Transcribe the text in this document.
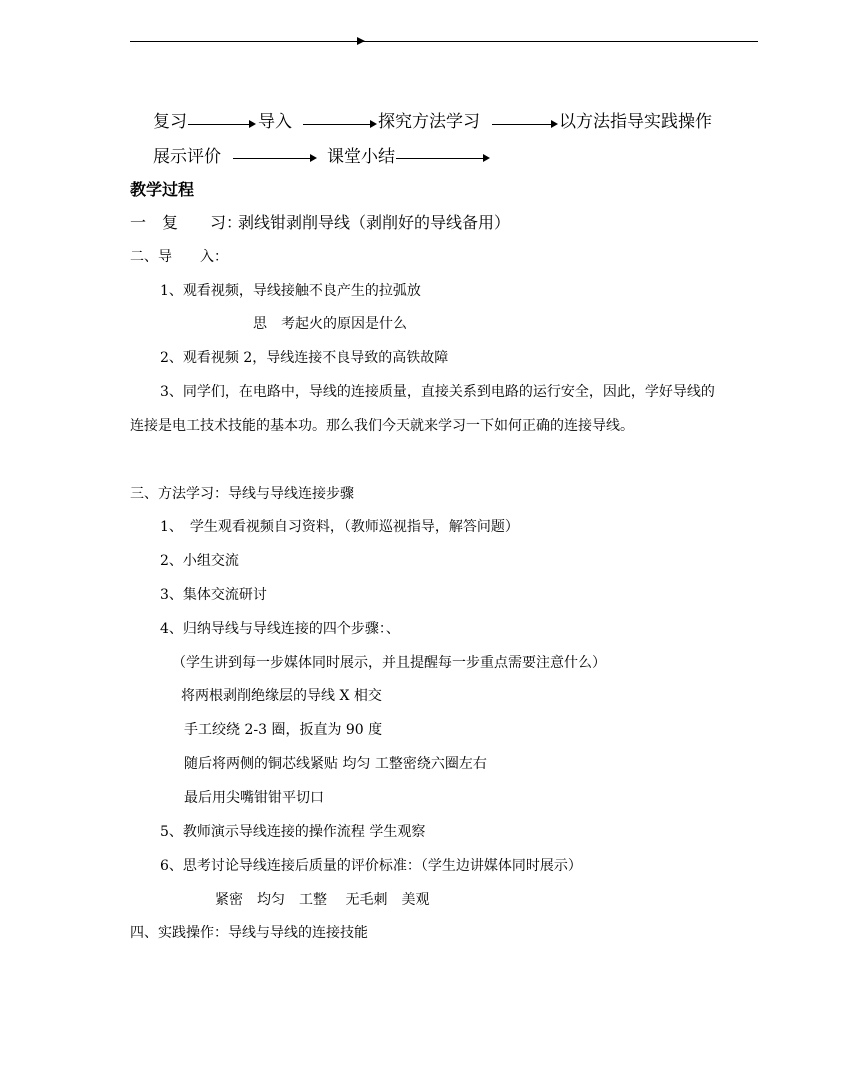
复习	导入	探究方法学习	以方法指导实践操作
展示评价	课堂小结
教学过程
一　复　　习：
剥线钳剥削导线（剥削好的导线备用）
二、导　　入：
1、观看视频，导线接触不良产生的拉弧放
思　考起火的原因是什么
2、观看视频 2，导线连接不良导致的高铁故障
3、同学们，在电路中，导线的连接质量，直接关系到电路的运行安全，因此，学好导线的
连接是电工技术技能的基本功。那么我们今天就来学习一下如何正确的连接导线。
三、方法学习：导线与导线连接步骤
1、　学生观看视频自习资料，（教师巡视指导，解答问题）
2、小组交流
3、集体交流研讨
4、归纳导线与导线连接的四个步骤：、
（学生讲到每一步媒体同时展示，并且提醒每一步重点需要注意什么）
将两根剥削绝缘层的导线 X 相交
手工绞绕 2-3 圈，扳直为 90 度
随后将两侧的铜芯线紧贴 均匀 工整密绕六圈左右
最后用尖嘴钳钳平切口
5、教师演示导线连接的操作流程 学生观察
6、思考讨论导线连接后质量的评价标准：（学生边讲媒体同时展示）
紧密　均匀　工整　 无毛刺　美观
四、实践操作：导线与导线的连接技能
